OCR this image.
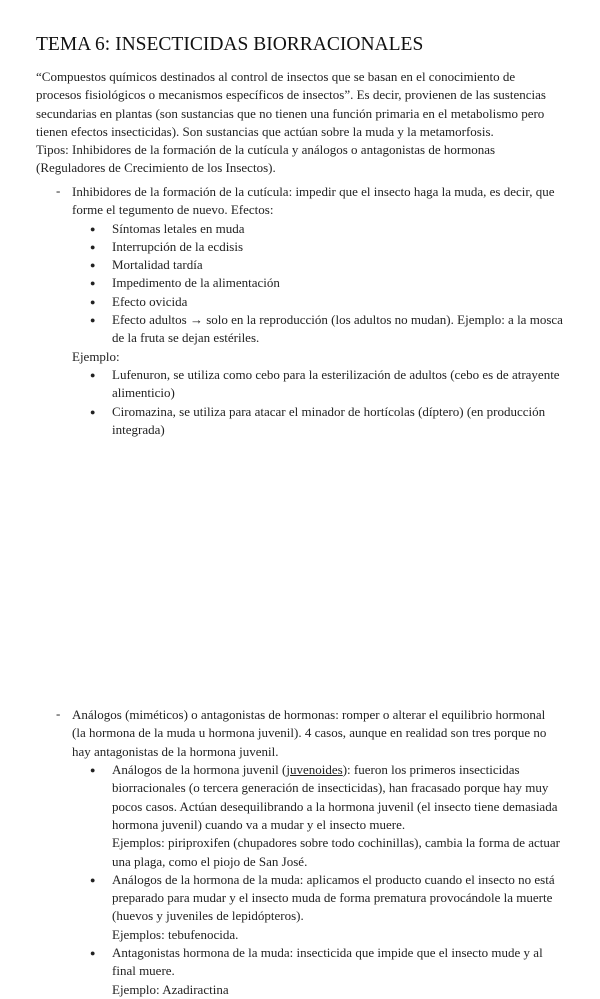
TEMA 6: INSECTICIDAS BIORRACIONALES
“Compuestos químicos destinados al control de insectos que se basan en el conocimiento de
procesos fisiológicos o mecanismos específicos de insectos”. Es decir, provienen de las sustencias
secundarias en plantas (son sustancias que no tienen una función primaria en el metabolismo pero
tienen efectos insecticidas). Son sustancias que actúan sobre la muda y la metamorfosis.
Tipos: Inhibidores de la formación de la cutícula y análogos o antagonistas de hormonas
(Reguladores de Crecimiento de los Insectos).
- Inhibidores de la formación de la cutícula: impedir que el insecto haga la muda, es decir, que
forme el tegumento de nuevo. Efectos:
Síntomas letales en muda
●
Interrupción de la ecdisis
●
Mortalidad tardía
●
Impedimento de la alimentación
●
Efecto ovicida
●
Efecto adultos → solo en la reproducción (los adultos no mudan). Ejemplo: a la mosca
de la fruta se dejan estériles.
●
Ejemplo:
Lufenuron, se utiliza como cebo para la esterilización de adultos (cebo es de atrayente
alimenticio)
●
Ciromazina, se utiliza para atacar el minador de hortícolas (díptero) (en producción
integrada)
●
- Análogos (miméticos) o antagonistas de hormonas: romper o alterar el equilibrio hormonal
(la hormona de la muda u hormona juvenil). 4 casos, aunque en realidad son tres porque no
hay antagonistas de la hormona juvenil.
Análogos de la hormona juvenil (juvenoides): fueron los primeros insecticidas
biorracionales (o tercera generación de insecticidas), han fracasado porque hay muy
pocos casos. Actúan desequilibrando a la hormona juvenil (el insecto tiene demasiada
hormona juvenil) cuando va a mudar y el insecto muere.
Ejemplos: piriproxifen (chupadores sobre todo cochinillas), cambia la forma de actuar
una plaga, como el piojo de San José.
●
Análogos de la hormona de la muda: aplicamos el producto cuando el insecto no está
preparado para mudar y el insecto muda de forma prematura provocándole la muerte
(huevos y juveniles de lepidópteros).
Ejemplos: tebufenocida.
●
Antagonistas hormona de la muda: insecticida que impide que el insecto mude y al
final muere.
Ejemplo: Azadiractina
●
